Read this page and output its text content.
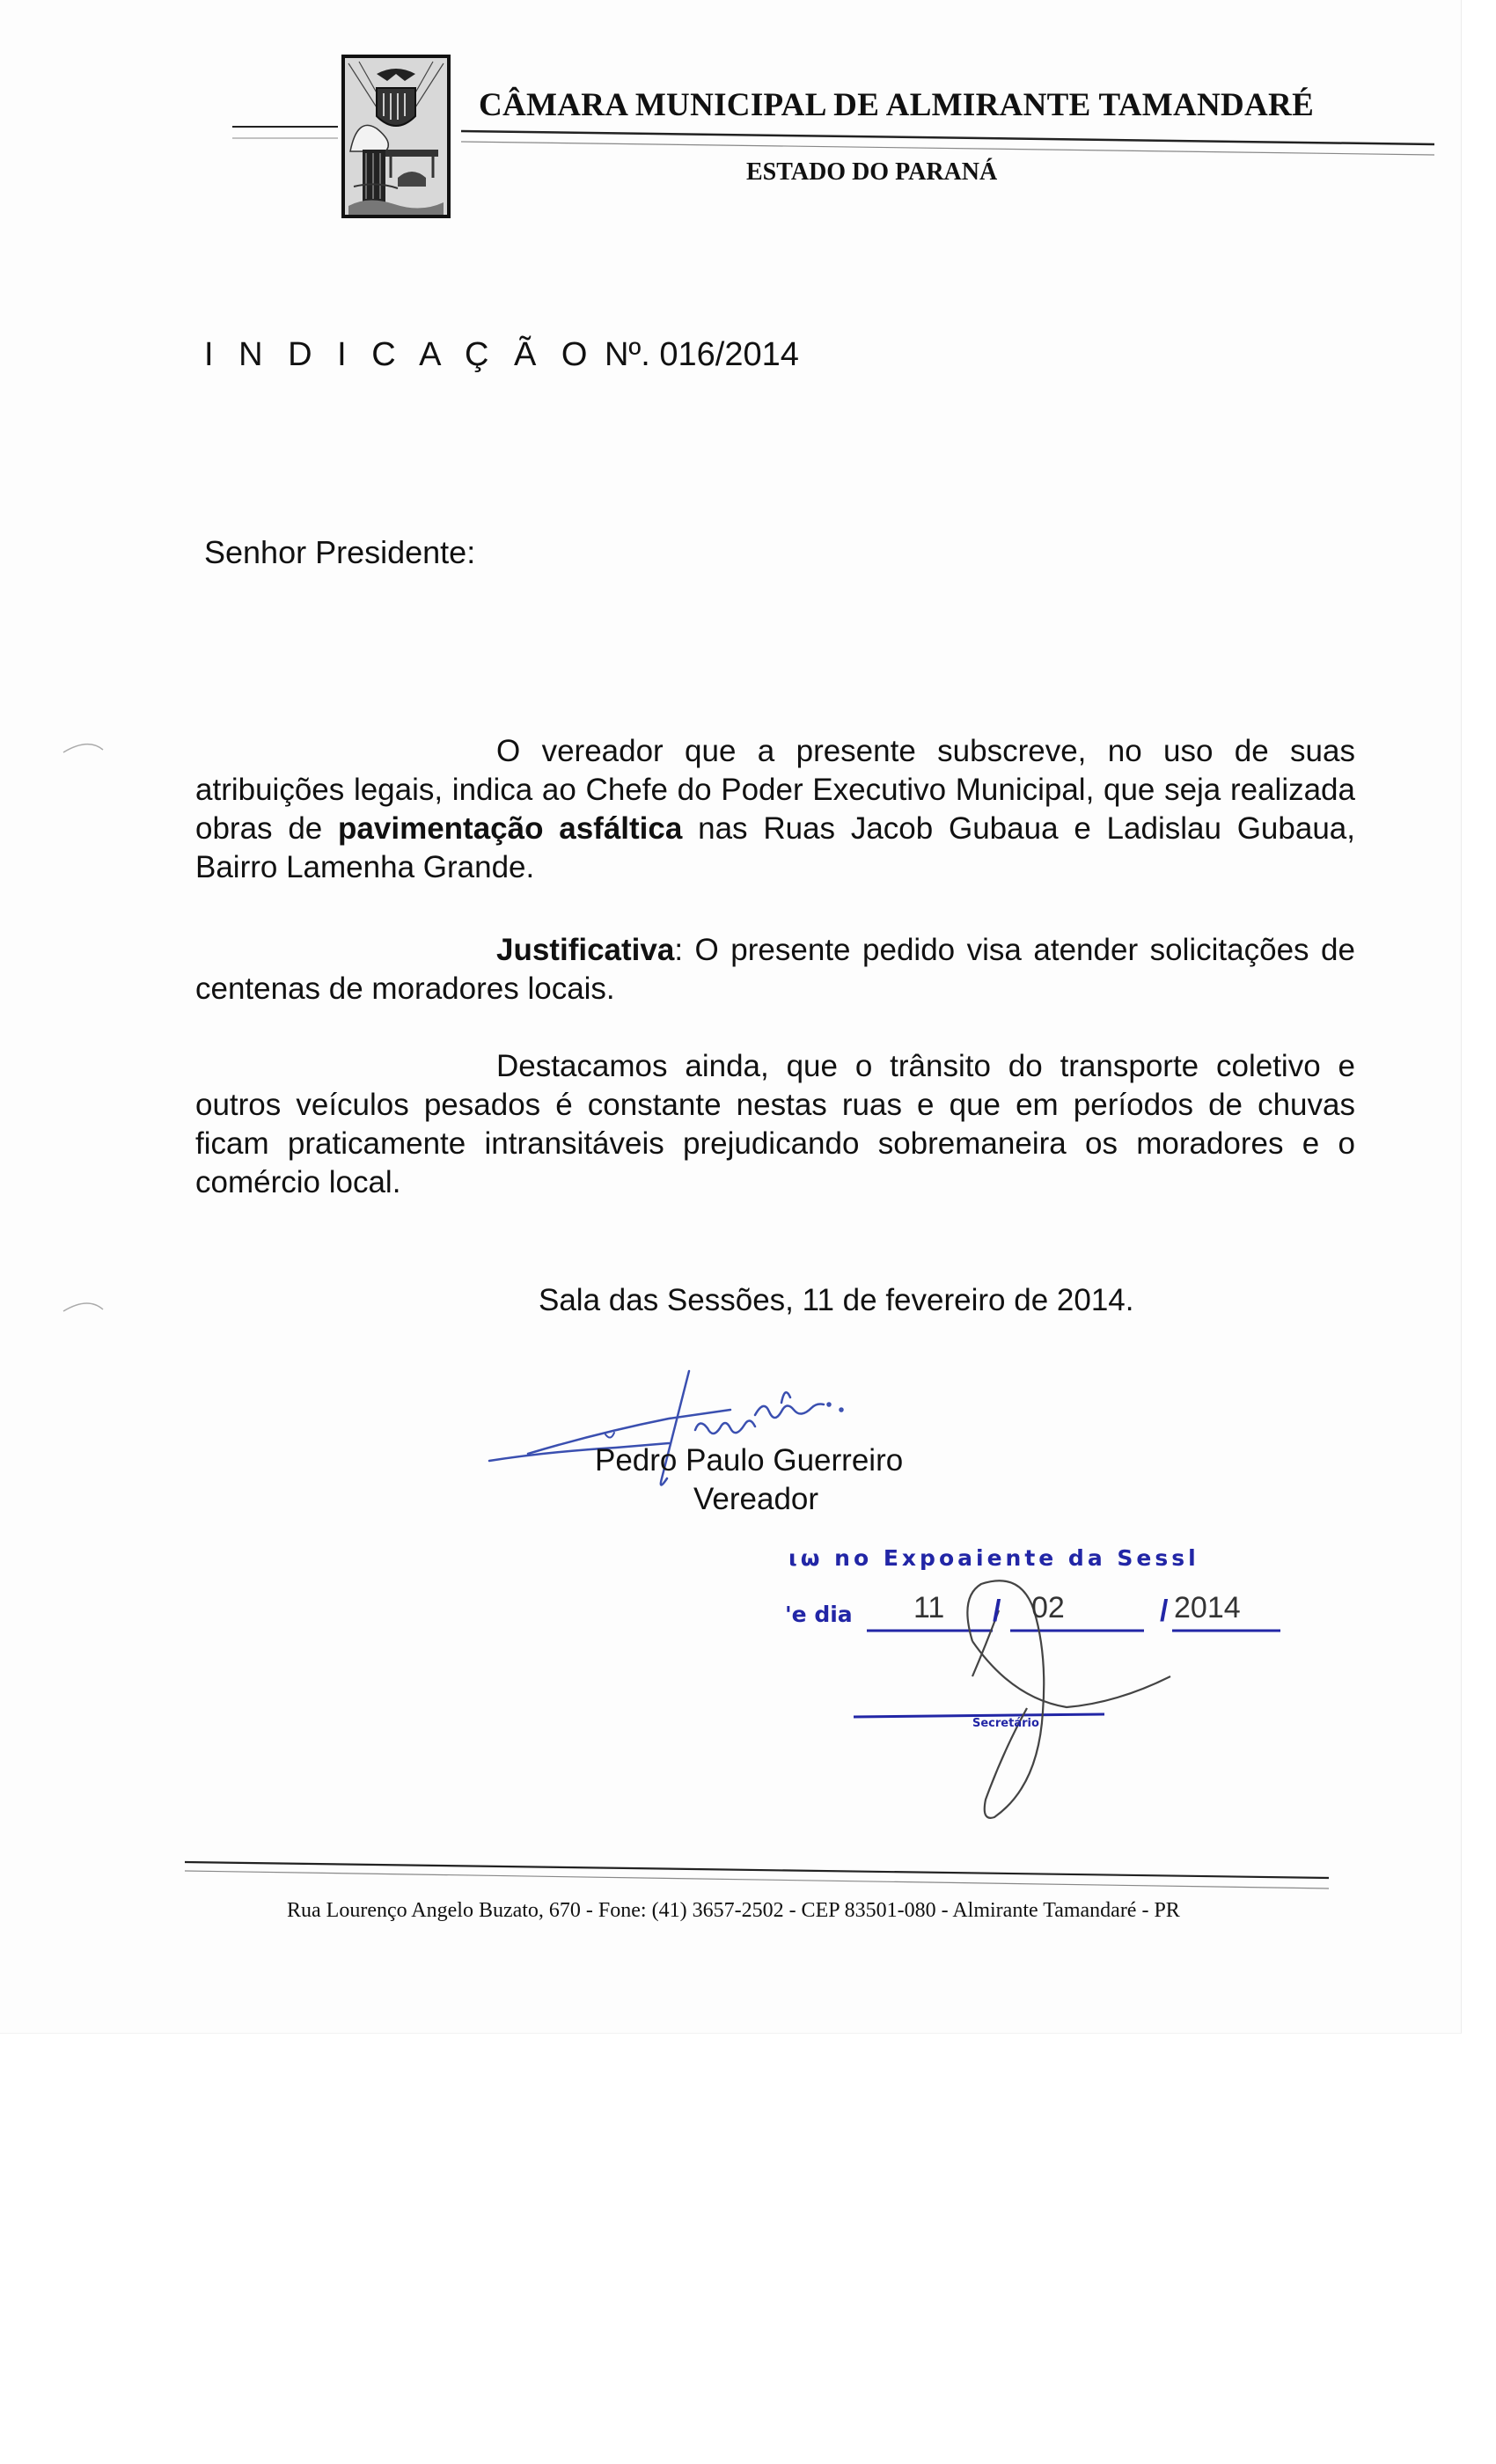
CÂMARA MUNICIPAL DE ALMIRANTE TAMANDARÉ
ESTADO DO PARANÁ
I N D I C A Ç Ã O Nº. 016/2014
Senhor Presidente:

O vereador que a presente subscreve, no uso de suas atribuições legais, indica ao Chefe do Poder Executivo Municipal, que seja realizada obras de pavimentação asfáltica nas Ruas Jacob Gubaua e Ladislau Gubaua, Bairro Lamenha Grande.

Justificativa: O presente pedido visa atender solicitações de centenas de moradores locais.

Destacamos ainda, que o trânsito do transporte coletivo e outros veículos pesados é constante nestas ruas e que em períodos de chuvas ficam praticamente intransitáveis prejudicando sobremaneira os moradores e o comércio local.

Sala das Sessões, 11 de fevereiro de 2014.
Pedro Paulo Guerreiro
Vereador
ιω no Expoaiente da Sessl
'e dia 11 / 02	/ 2014
Secretário
Rua Lourenço Angelo Buzato, 670 - Fone: (41) 3657-2502 - CEP 83501-080 - Almirante Tamandaré - PR
